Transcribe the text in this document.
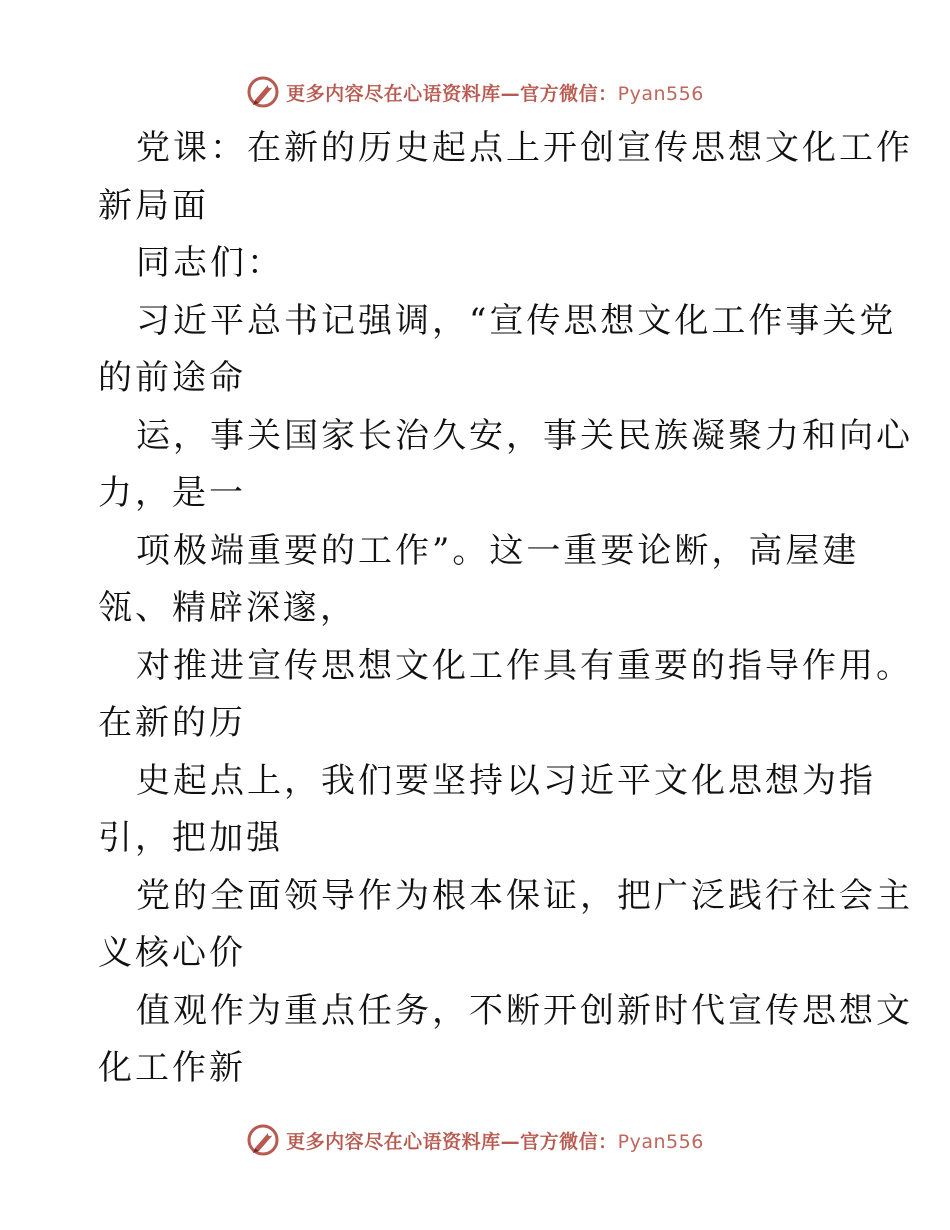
更多内容尽在心语资料库—官方微信：Pyan556
党课：在新的历史起点上开创宣传思想文化工作
新局面
同志们：
习近平总书记强调，“宣传思想文化工作事关党
的前途命
运，事关国家长治久安，事关民族凝聚力和向心
力，是一
项极端重要的工作”。这一重要论断，高屋建
瓴、精辟深邃，
对推进宣传思想文化工作具有重要的指导作用。
在新的历
史起点上，我们要坚持以习近平文化思想为指
引，把加强
党的全面领导作为根本保证，把广泛践行社会主
义核心价
值观作为重点任务，不断开创新时代宣传思想文
化工作新
更多内容尽在心语资料库—官方微信：Pyan556
